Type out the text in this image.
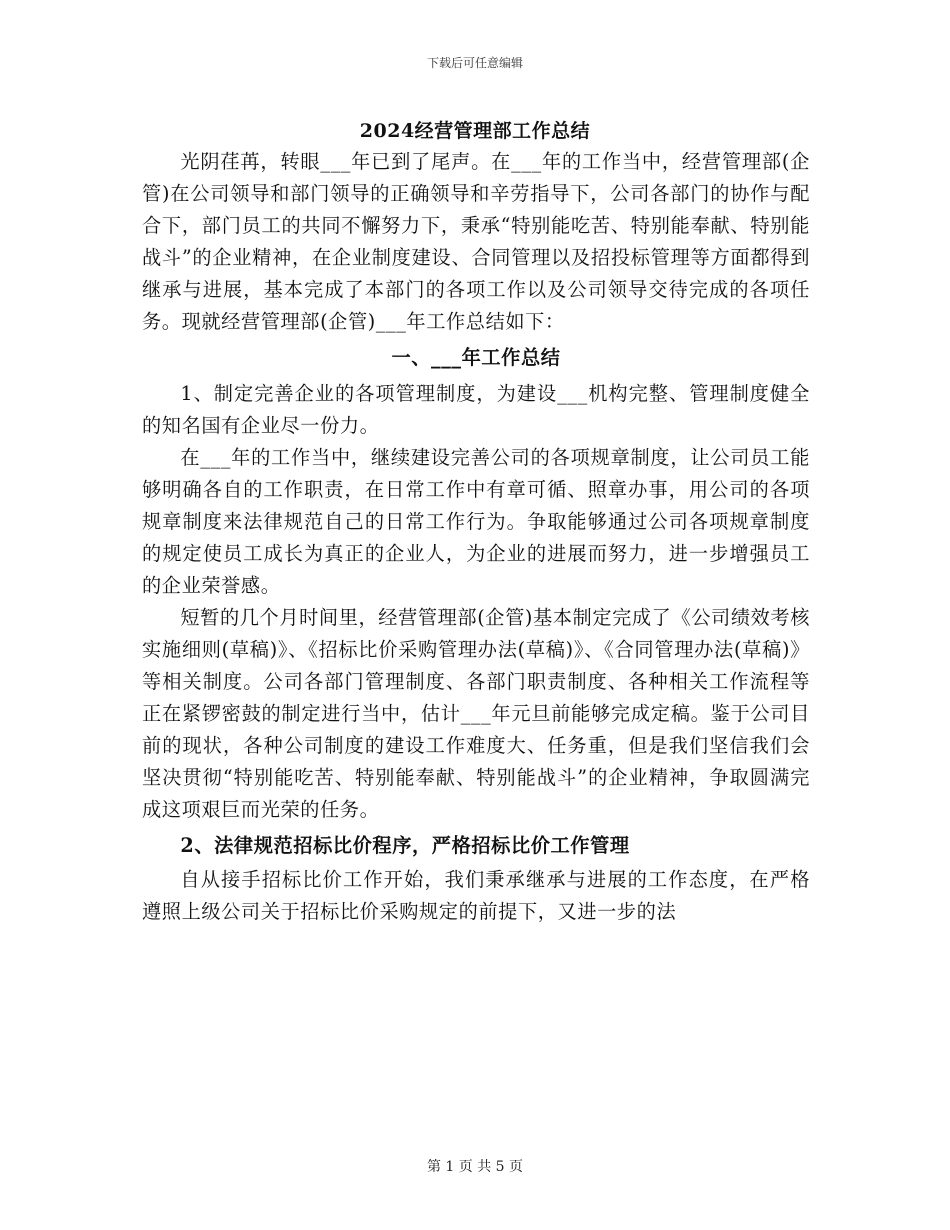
下载后可任意编辑
2024经营管理部工作总结

光阴荏苒，转眼___年已到了尾声。在___年的工作当中，经营管理部(企管)在公司领导和部门领导的正确领导和辛劳指导下，公司各部门的协作与配合下，部门员工的共同不懈努力下，秉承“特别能吃苦、特别能奉献、特别能战斗”的企业精神，在企业制度建设、合同管理以及招投标管理等方面都得到继承与进展，基本完成了本部门的各项工作以及公司领导交待完成的各项任务。现就经营管理部(企管)___年工作总结如下：

一、___年工作总结

1、制定完善企业的各项管理制度，为建设___机构完整、管理制度健全的知名国有企业尽一份力。

在___年的工作当中，继续建设完善公司的各项规章制度，让公司员工能够明确各自的工作职责，在日常工作中有章可循、照章办事，用公司的各项规章制度来法律规范自己的日常工作行为。争取能够通过公司各项规章制度的规定使员工成长为真正的企业人，为企业的进展而努力，进一步增强员工的企业荣誉感。

短暂的几个月时间里，经营管理部(企管)基本制定完成了《公司绩效考核实施细则(草稿)》、《招标比价采购管理办法(草稿)》、《合同管理办法(草稿)》等相关制度。公司各部门管理制度、各部门职责制度、各种相关工作流程等正在紧锣密鼓的制定进行当中，估计___年元旦前能够完成定稿。鉴于公司目前的现状，各种公司制度的建设工作难度大、任务重，但是我们坚信我们会坚决贯彻“特别能吃苦、特别能奉献、特别能战斗”的企业精神，争取圆满完成这项艰巨而光荣的任务。

2、法律规范招标比价程序，严格招标比价工作管理

自从接手招标比价工作开始，我们秉承继承与进展的工作态度，在严格遵照上级公司关于招标比价采购规定的前提下，又进一步的法

第 1 页 共 5 页
